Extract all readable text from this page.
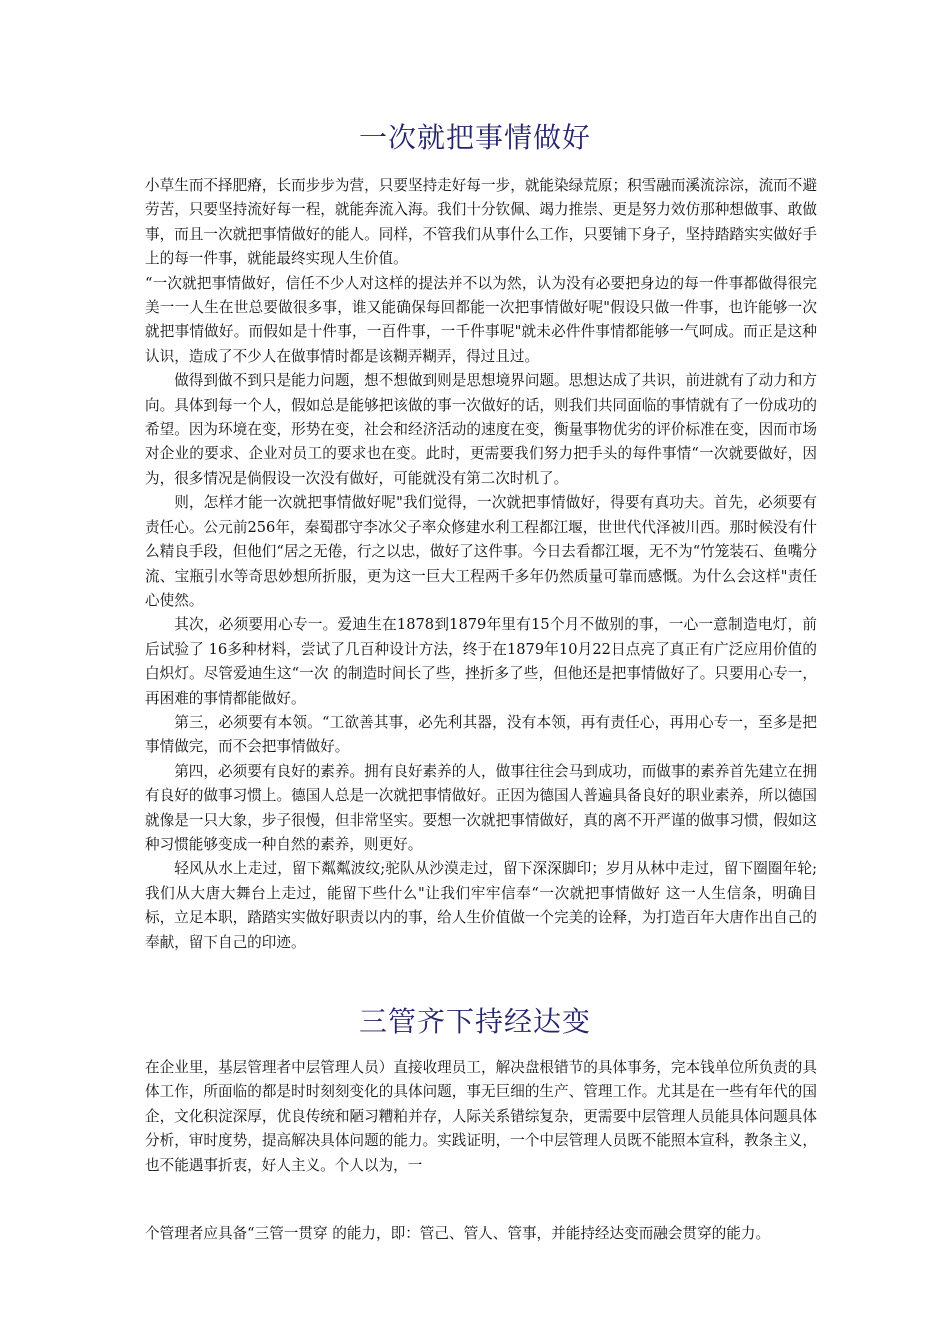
一次就把事情做好

小草生而不择肥瘠，长而步步为营，只要坚持走好每一步，就能染绿荒原；积雪融而溪流淙淙，流而不避劳苦，只要坚持流好每一程，就能奔流入海。我们十分钦佩、竭力推崇、更是努力效仿那种想做事、敢做事，而且一次就把事情做好的能人。同样，不管我们从事什么工作，只要铺下身子，坚持踏踏实实做好手上的每一件事，就能最终实现人生价值。

“一次就把事情做好，信任不少人对这样的提法并不以为然，认为没有必要把身边的每一件事都做得很完美一一人生在世总要做很多事，谁又能确保每回都能一次把事情做好呢"假设只做一件事，也许能够一次就把事情做好。而假如是十件事，一百件事，一千件事呢"就未必件件事情都能够一气呵成。而正是这种认识，造成了不少人在做事情时都是该糊弄糊弄，得过且过。

做得到做不到只是能力问题，想不想做到则是思想境界问题。思想达成了共识，前进就有了动力和方向。具体到每一个人，假如总是能够把该做的事一次做好的话，则我们共同面临的事情就有了一份成功的希望。因为环境在变，形势在变，社会和经济活动的速度在变，衡量事物优劣的评价标准在变，因而市场对企业的要求、企业对员工的要求也在变。此时，更需要我们努力把手头的每件事情“一次就要做好，因为，很多情况是倘假设一次没有做好，可能就没有第二次时机了。

则，怎样才能一次就把事情做好呢"我们觉得，一次就把事情做好，得要有真功夫。首先，必须要有责任心。公元前256年，秦蜀郡守李冰父子率众修建水利工程都江堰，世世代代泽被川西。那时候没有什么精良手段，但他们“居之无倦，行之以忠，做好了这件事。今日去看都江堰，无不为“竹笼装石、鱼嘴分流、宝瓶引水等奇思妙想所折服，更为这一巨大工程两千多年仍然质量可靠而感慨。为什么会这样"责任心使然。

其次，必须要用心专一。爱迪生在1878到1879年里有15个月不做别的事，一心一意制造电灯，前后试验了 16多种材料，尝试了几百种设计方法，终于在1879年10月22日点亮了真正有广泛应用价值的白炽灯。尽管爱迪生这“一次 的制造时间长了些，挫折多了些，但他还是把事情做好了。只要用心专一，再困难的事情都能做好。

第三，必须要有本领。“工欲善其事，必先利其器，没有本领，再有责任心，再用心专一，至多是把事情做完，而不会把事情做好。

第四，必须要有良好的素养。拥有良好素养的人，做事往往会马到成功，而做事的素养首先建立在拥有良好的做事习惯上。德国人总是一次就把事情做好。正因为德国人普遍具备良好的职业素养，所以德国就像是一只大象，步子很慢，但非常坚实。要想一次就把事情做好，真的离不开严谨的做事习惯，假如这种习惯能够变成一种自然的素养，则更好。

轻风从水上走过，留下粼粼波纹;驼队从沙漠走过，留下深深脚印；岁月从林中走过，留下圈圈年轮;我们从大唐大舞台上走过，能留下些什么"让我们牢牢信奉“一次就把事情做好 这一人生信条，明确目标，立足本职，踏踏实实做好职责以内的事，给人生价值做一个完美的诠释，为打造百年大唐作出自己的奉献，留下自己的印迹。

三管齐下持经达变

在企业里，基层管理者中层管理人员）直接收理员工，解决盘根错节的具体事务，完本钱单位所负责的具体工作，所面临的都是时时刻刻变化的具体问题，事无巨细的生产、管理工作。尤其是在一些有年代的国企，文化积淀深厚，优良传统和陋习糟粕并存，人际关系错综复杂，更需要中层管理人员能具体问题具体分析，审时度势，提高解决具体问题的能力。实践证明，一个中层管理人员既不能照本宣科，教条主义，也不能遇事折衷，好人主义。个人以为，一

个管理者应具备“三管一贯穿 的能力，即：管己、管人、管事，并能持经达变而融会贯穿的能力。
